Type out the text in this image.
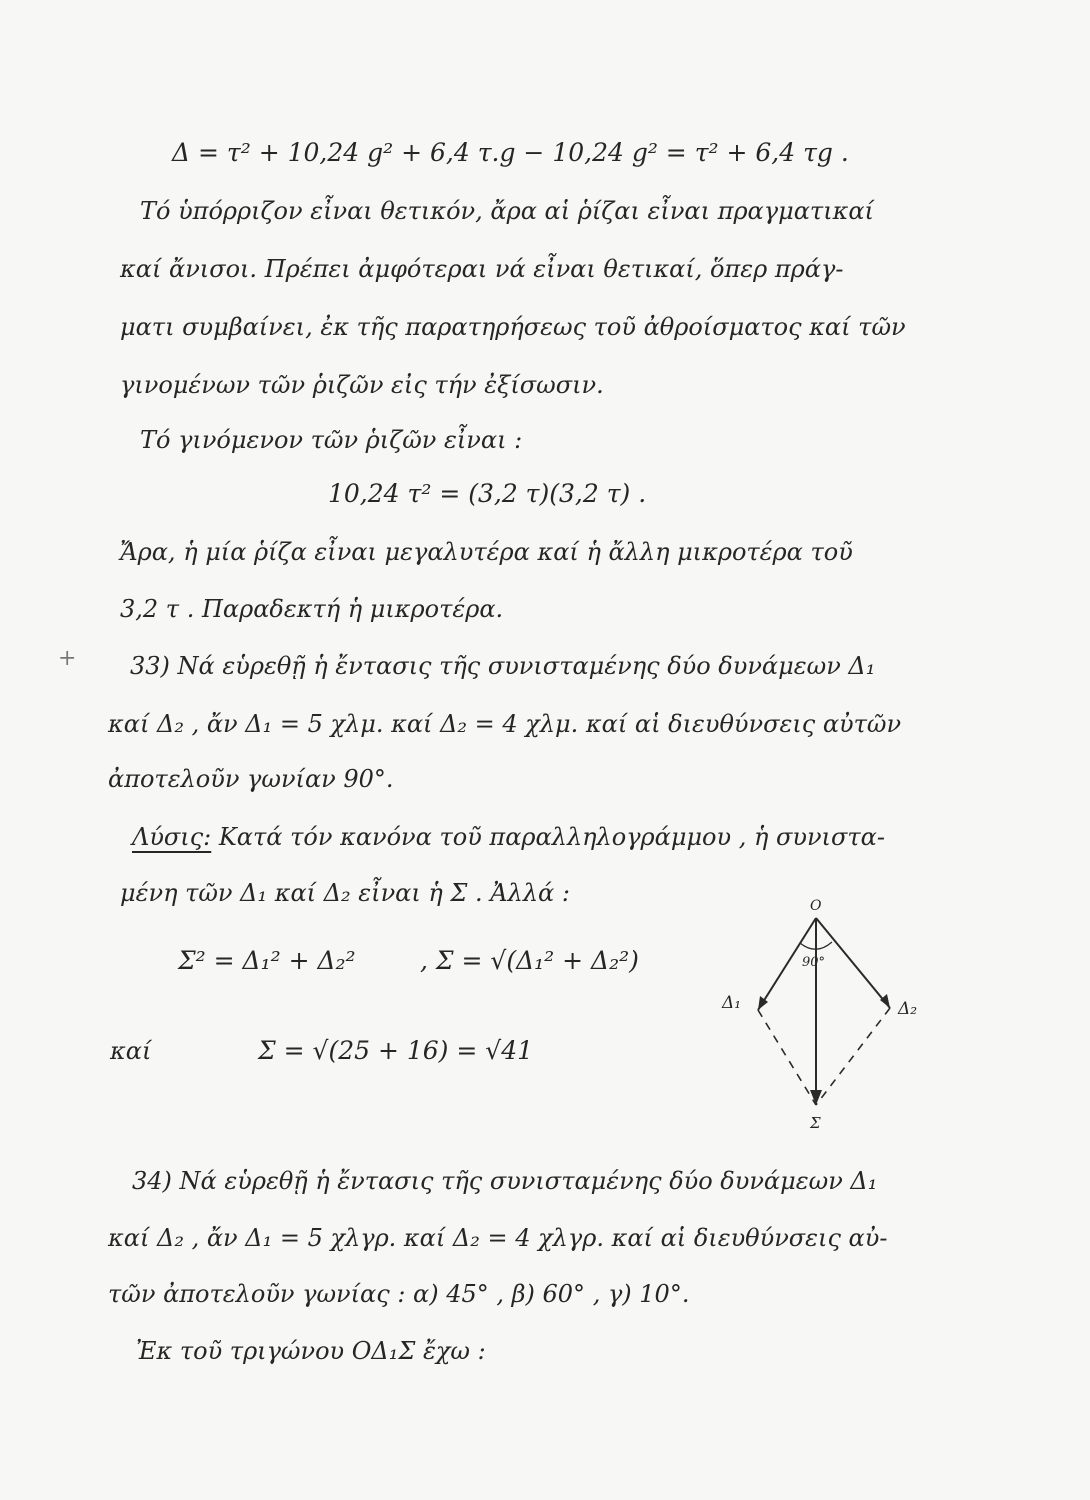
Δ = τ² + 10,24 g² + 6,4 τ.g − 10,24 g² = τ² + 6,4 τg .
Τό ὑπόρριζον εἶναι θετικόν, ἄρα αἱ ῥίζαι εἶναι πραγματικαί
καί ἄνισοι. Πρέπει ἀμφότεραι νά εἶναι θετικαί, ὅπερ πράγ-
ματι συμβαίνει, ἐκ τῆς παρατηρήσεως τοῦ ἀθροίσματος καί τῶν
γινομένων τῶν ῥιζῶν εἰς τήν ἐξίσωσιν.
Τό γινόμενον τῶν ῥιζῶν εἶναι :
10,24 τ² = (3,2 τ)(3,2 τ) .
Ἄρα, ἡ μία ῥίζα εἶναι μεγαλυτέρα καί ἡ ἄλλη μικροτέρα τοῦ
3,2 τ . Παραδεκτή ἡ μικροτέρα.
+ 33) Νά εὑρεθῇ ἡ ἔντασις τῆς συνισταμένης δύο δυνάμεων Δ₁
καί Δ₂ , ἄν Δ₁ = 5 χλμ. καί Δ₂ = 4 χλμ. καί αἱ διευθύνσεις αὐτῶν
ἀποτελοῦν γωνίαν 90°.
Λύσις: Κατά τόν κανόνα τοῦ παραλληλογράμμου , ἡ συνιστα-
μένη τῶν Δ₁ καί Δ₂ εἶναι ἡ Σ . Ἀλλά :
Σ² = Δ₁² + Δ₂²	, Σ = √(Δ₁² + Δ₂²)
καί	Σ = √(25 + 16) = √41
O
90°
Δ₁	Δ₂
Σ
34) Νά εὑρεθῇ ἡ ἔντασις τῆς συνισταμένης δύο δυνάμεων Δ₁
καί Δ₂ , ἄν Δ₁ = 5 χλγρ. καί Δ₂ = 4 χλγρ. καί αἱ διευθύνσεις αὐ-
τῶν ἀποτελοῦν γωνίας : α) 45° , β) 60° , γ) 10°.
Ἐκ τοῦ τριγώνου ΟΔ₁Σ ἔχω :
